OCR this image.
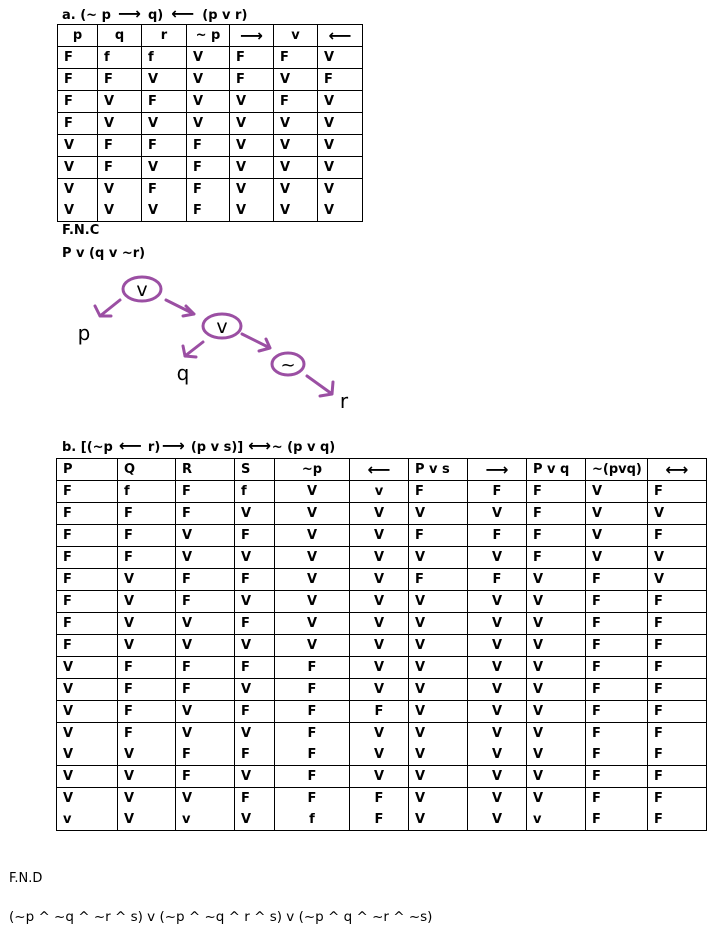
a. (~ p ⟶ q) ⟵ (p v r)
p	q	r	~ p	⟶	v	⟵
F	f	f	V	F	F	V
F	F	V	V	F	V	F
F	V	F	V	V	F	V
F	V	V	V	V	V	V
V	F	F	F	V	V	V
V	F	V	F	V	V	V
V	V	F	F	V	V	V
V	V	V	F	V	V	V
F.N.C
P v (q v ~r)
v
v
~
p
q
r
b. [(~p ⟵ r)⟶ (p v s)] ⟷~ (p v q)
P	Q	R	S	~p	⟵	P v s	⟶	P v q	~(pvq)	⟷
F	f	F	f	V	v	F	F	F	V	F
F	F	F	V	V	V	V	V	F	V	V
F	F	V	F	V	V	F	F	F	V	F
F	F	V	V	V	V	V	V	F	V	V
F	V	F	F	V	V	F	F	V	F	V
F	V	F	V	V	V	V	V	V	F	F
F	V	V	F	V	V	V	V	V	F	F
F	V	V	V	V	V	V	V	V	F	F
V	F	F	F	F	V	V	V	V	F	F
V	F	F	V	F	V	V	V	V	F	F
V	F	V	F	F	F	V	V	V	F	F
V	F	V	V	F	V	V	V	V	F	F
V	V	F	F	F	V	V	V	V	F	F
V	V	F	V	F	V	V	V	V	F	F
V	V	V	F	F	F	V	V	V	F	F
v	V	v	V	f	F	V	V	v	F	F
F.N.D
(~p ^ ~q ^ ~r ^ s) v (~p ^ ~q ^ r ^ s) v (~p ^ q ^ ~r ^ ~s)
